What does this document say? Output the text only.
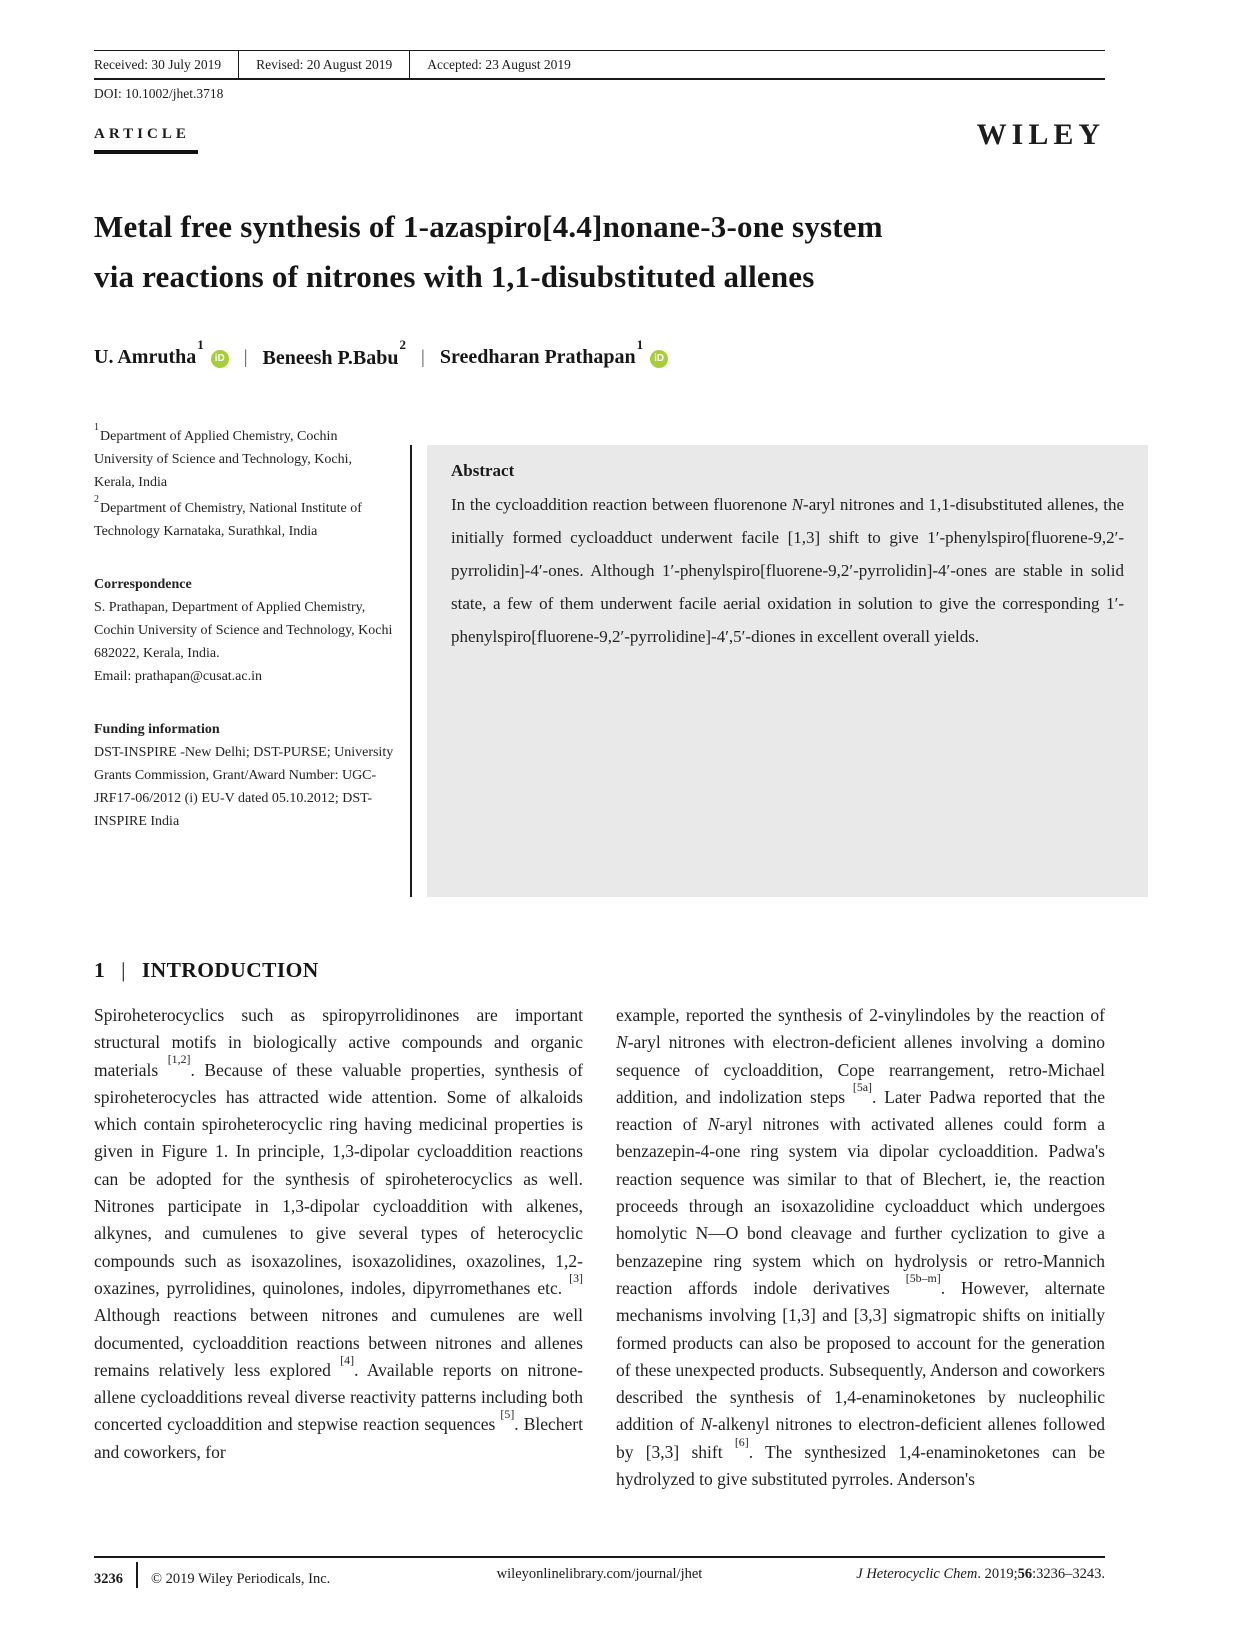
Received: 30 July 2019	Revised: 20 August 2019	Accepted: 23 August 2019
DOI: 10.1002/jhet.3718
ARTICLE	WILEY
Metal free synthesis of 1-azaspiro[4.4]nonane-3-one system
via reactions of nitrones with 1,1-disubstituted allenes
U. Amrutha$^1$iD | Beneesh P.Babu$^2$
| Sreedharan Prathapan$^1$iD
$^1$Department of Applied Chemistry, Cochin University of Science and Technology, Kochi, Kerala, India
$^2$Department of Chemistry, National Institute of Technology Karnataka, Surathkal, India
Correspondence
S. Prathapan, Department of Applied Chemistry, Cochin University of Science and Technology, Kochi 682022, Kerala, India.
Email: prathapan@cusat.ac.in
Funding information
DST-INSPIRE -New Delhi; DST-PURSE; University Grants Commission, Grant/Award Number: UGC-JRF17-06/2012 (i) EU-V dated 05.10.2012; DST-INSPIRE India
Abstract
In the cycloaddition reaction between fluorenone N-aryl nitrones and 1,1-disubstituted allenes, the initially formed cycloadduct underwent facile [1,3] shift to give 1′-phenylspiro[fluorene-9,2′-pyrrolidin]-4′-ones. Although 1′-phenylspiro[fluorene-9,2′-pyrrolidin]-4′-ones are stable in solid state, a few of them underwent facile aerial oxidation in solution to give the corresponding 1′-phenylspiro[fluorene-9,2′-pyrrolidine]-4′,5′-diones in excellent overall yields.
1 | INTRODUCTION
Spiroheterocyclics such as spiropyrrolidinones are important structural motifs in biologically active compounds and organic materials [1,2]. Because of these valuable properties, synthesis of spiroheterocycles has attracted wide attention. Some of alkaloids which contain spiroheterocyclic ring having medicinal properties is given in Figure 1. In principle, 1,3-dipolar cycloaddition reactions can be adopted for the synthesis of spiroheterocyclics as well. Nitrones participate in 1,3-dipolar cycloaddition with alkenes, alkynes, and cumulenes to give several types of heterocyclic compounds such as isoxazolines, isoxazolidines, oxazolines, 1,2-oxazines, pyrrolidines, quinolones, indoles, dipyrromethanes etc. [3] Although reactions between nitrones and cumulenes are well documented, cycloaddition reactions between nitrones and allenes remains relatively less explored [4]. Available reports on nitrone-allene cycloadditions reveal diverse reactivity patterns including both concerted cycloaddition and stepwise reaction sequences [5]. Blechert and coworkers, for
example, reported the synthesis of 2-vinylindoles by the reaction of N-aryl nitrones with electron-deficient allenes involving a domino sequence of cycloaddition, Cope rearrangement, retro-Michael addition, and indolization steps [5a]. Later Padwa reported that the reaction of N-aryl nitrones with activated allenes could form a benzazepin-4-one ring system via dipolar cycloaddition. Padwa's reaction sequence was similar to that of Blechert, ie, the reaction proceeds through an isoxazolidine cycloadduct which undergoes homolytic N—O bond cleavage and further cyclization to give a benzazepine ring system which on hydrolysis or retro-Mannich reaction affords indole derivatives [5b–m]. However, alternate mechanisms involving [1,3] and [3,3] sigmatropic shifts on initially formed products can also be proposed to account for the generation of these unexpected products. Subsequently, Anderson and coworkers described the synthesis of 1,4-enaminoketones by nucleophilic addition of N-alkenyl nitrones to electron-deficient allenes followed by [3,3] shift [6]. The synthesized 1,4-enaminoketones can be hydrolyzed to give substituted pyrroles. Anderson's
3236 © 2019 Wiley Periodicals, Inc.	wileyonlinelibrary.com/journal/jhet	J Heterocyclic Chem. 2019;56:3236–3243.
